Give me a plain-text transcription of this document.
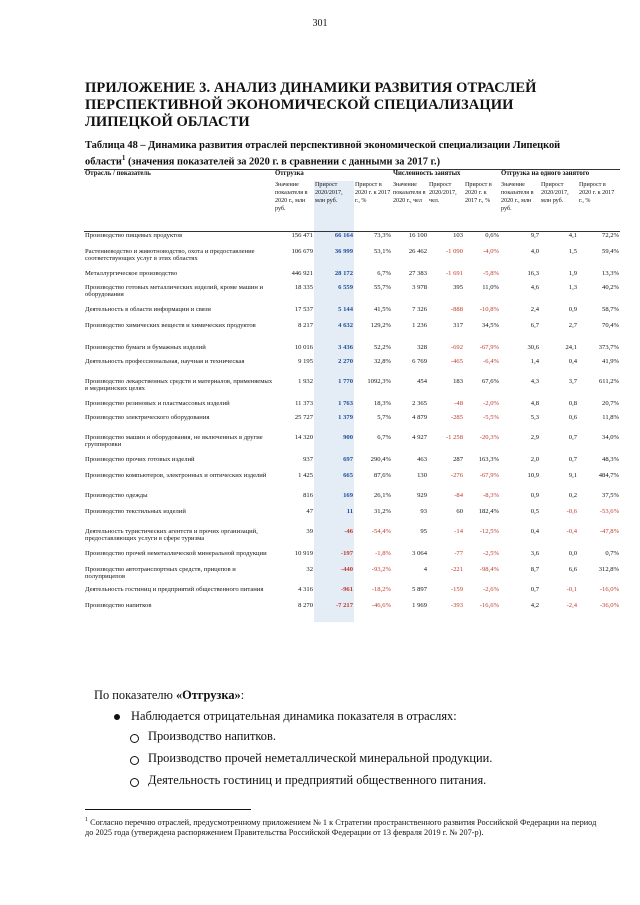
301
ПРИЛОЖЕНИЕ 3. АНАЛИЗ ДИНАМИКИ РАЗВИТИЯ ОТРАСЛЕЙ ПЕРСПЕКТИВНОЙ ЭКОНОМИЧЕСКОЙ СПЕЦИАЛИЗАЦИИ ЛИПЕЦКОЙ ОБЛАСТИ
Таблица 48 – Динамика развития отраслей перспективной экономической специализации Липецкой области$^1$ (значения показателей за 2020 г. в сравнении с данными за 2017 г.)
Отрасль / показатель	Отгрузка			Численность занятых			Отгрузка на одного занятого		
	Значение показателя в 2020 г., млн руб.	Прирост 2020/2017, млн руб.	Прирост в 2020 г. к 2017 г., %	Значение показателя в 2020 г., чел	Прирост 2020/2017, чел.	Прирост в 2020 г. к 2017 г., %	Значение показателя в 2020 г., млн руб.	Прирост 2020/2017, млн руб.	Прирост в 2020 г. к 2017 г., %
Производство пищевых продуктов	156 471	66 164	73,3%	16 100	103	0,6%	9,7	4,1	72,2%
Растениеводство и животноводство, охота и предоставление соответствующих услуг в этих областях	106 679	36 999	53,1%	26 462	-1 090	-4,0%	4,0	1,5	59,4%
Металлургическое производство	446 921	28 172	6,7%	27 383	-1 691	-5,8%	16,3	1,9	13,3%
Производство готовых металлических изделий, кроме машин и оборудования	18 335	6 559	55,7%	3 978	395	11,0%	4,6	1,3	40,2%
Деятельность в области информации и связи	17 537	5 144	41,5%	7 326	-888	-10,8%	2,4	0,9	58,7%
Производство химических веществ и химических продуктов	8 217	4 632	129,2%	1 236	317	34,5%	6,7	2,7	70,4%
Производство бумаги и бумажных изделий	10 016	3 436	52,2%	328	-692	-67,9%	30,6	24,1	373,7%
Деятельность профессиональная, научная и техническая	9 195	2 270	32,8%	6 769	-465	-6,4%	1,4	0,4	41,9%
Производство лекарственных средств и материалов, применяемых в медицинских целях	1 932	1 770	1092,3%	454	183	67,6%	4,3	3,7	611,2%
Производство резиновых и пластмассовых изделий	11 373	1 763	18,3%	2 365	-48	-2,0%	4,8	0,8	20,7%
Производство электрического оборудования	25 727	1 379	5,7%	4 879	-285	-5,5%	5,3	0,6	11,8%
Производство машин и оборудования, не включенных в другие группировки	14 320	900	6,7%	4 927	-1 258	-20,3%	2,9	0,7	34,0%
Производство прочих готовых изделий	937	697	290,4%	463	287	163,3%	2,0	0,7	48,3%
Производство компьютеров, электронных и оптических изделий	1 425	665	87,6%	130	-276	-67,9%	10,9	9,1	484,7%
Производство одежды	816	169	26,1%	929	-84	-8,3%	0,9	0,2	37,5%
Производство текстильных изделий	47	11	31,2%	93	60	182,4%	0,5	-0,6	-53,6%
Деятельность туристических агентств и прочих организаций, предоставляющих услуги в сфере туризма	39	-46	-54,4%	95	-14	-12,5%	0,4	-0,4	-47,8%
Производство прочей неметаллической минеральной продукции	10 919	-197	-1,8%	3 064	-77	-2,5%	3,6	0,0	0,7%
Производство автотранспортных средств, прицепов и полуприцепов	32	-440	-93,2%	4	-221	-98,4%	8,7	6,6	312,8%
Деятельность гостиниц и предприятий общественного питания	4 316	-961	-18,2%	5 897	-159	-2,6%	0,7	-0,1	-16,0%
Производство напитков	8 270	-7 217	-46,6%	1 969	-393	-16,6%	4,2	-2,4	-36,0%
По показателю «Отгрузка»:
Наблюдается отрицательная динамика показателя в отраслях:
Производство напитков.
Производство прочей неметаллической минеральной продукции.
Деятельность гостиниц и предприятий общественного питания.
$^1$ Согласно перечню отраслей, предусмотренному приложением № 1 к Стратегии пространственного развития Российской Федерации на период до 2025 года (утверждена распоряжением Правительства Российской Федерации от 13 февраля 2019 г. № 207-р).
